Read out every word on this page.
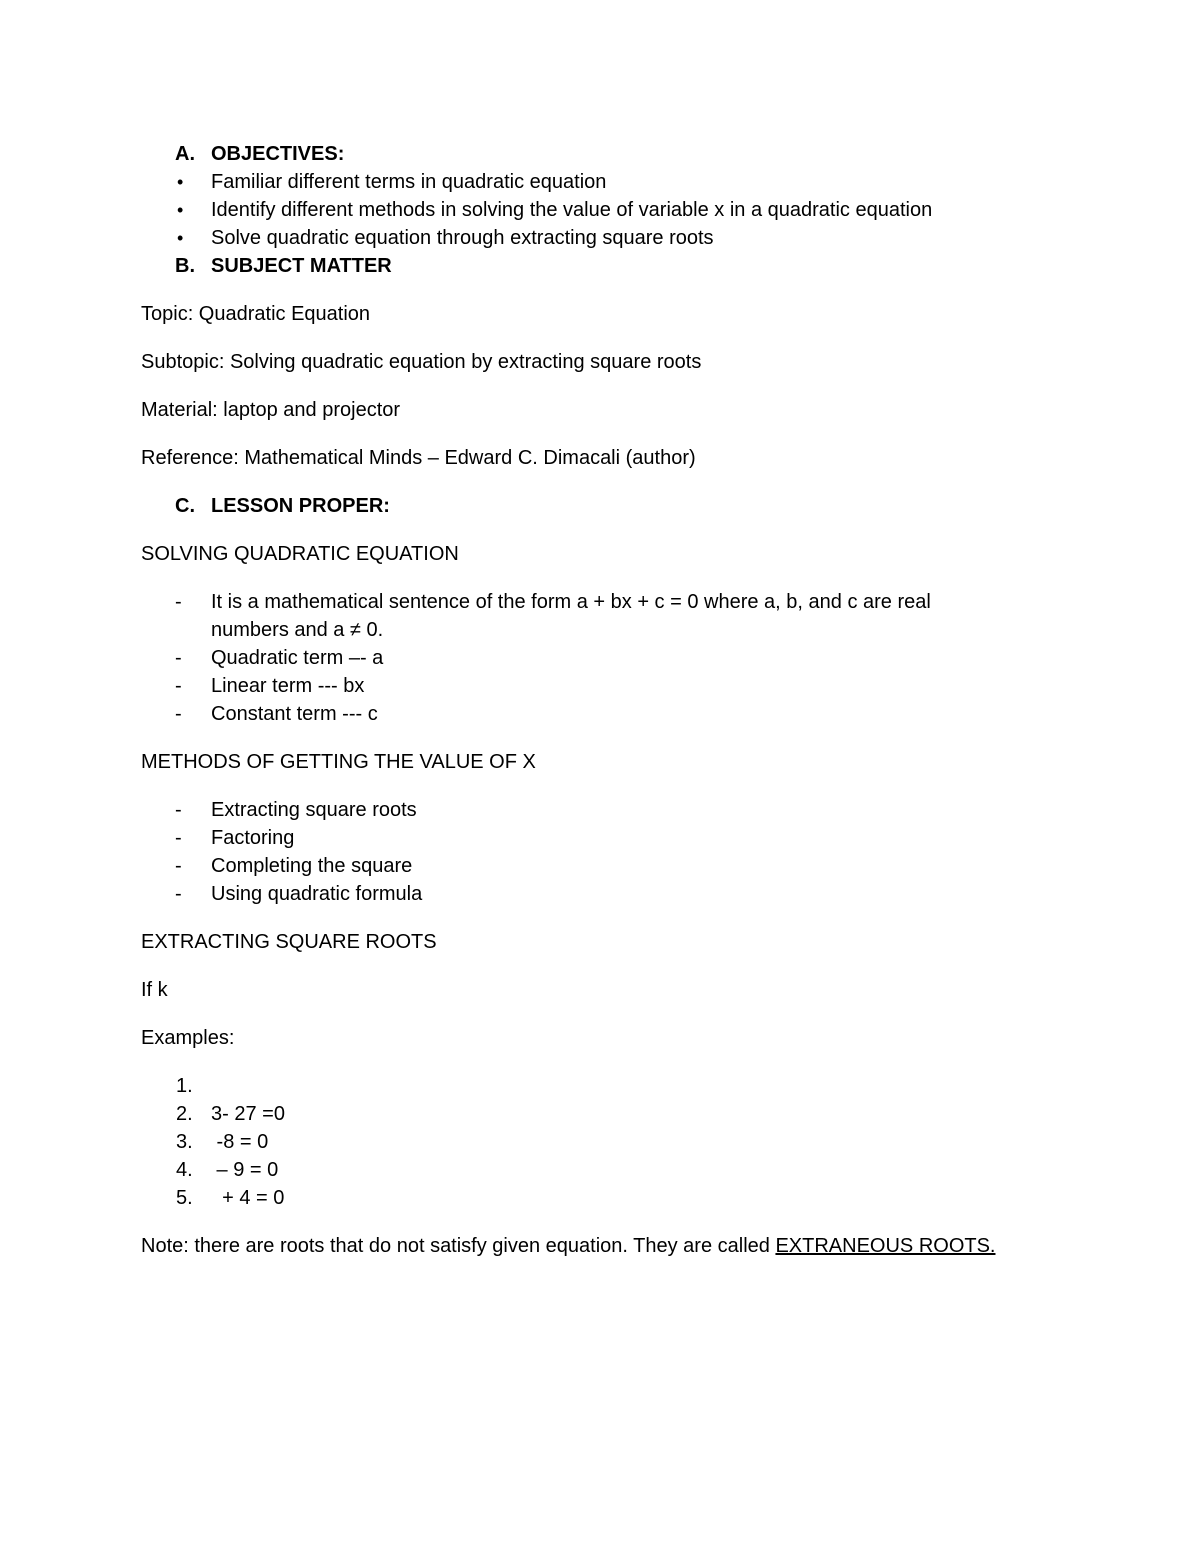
A. OBJECTIVES:
• Familiar different terms in quadratic equation
• Identify different methods in solving the value of variable x in a quadratic equation
• Solve quadratic equation through extracting square roots
B. SUBJECT MATTER

Topic: Quadratic Equation

Subtopic: Solving quadratic equation by extracting square roots

Material: laptop and projector

Reference: Mathematical Minds – Edward C. Dimacali (author)

C. LESSON PROPER:

SOLVING QUADRATIC EQUATION

- It is a mathematical sentence of the form a + bx + c = 0 where a, b, and c are real numbers and a ≠ 0.
- Quadratic term –- a
- Linear term --- bx
- Constant term --- c

METHODS OF GETTING THE VALUE OF X

- Extracting square roots
- Factoring
- Completing the square
- Using quadratic formula

EXTRACTING SQUARE ROOTS

If k

Examples:

1.
2. 3- 27 =0
3. -8 = 0
4. – 9 = 0
5. + 4 = 0

Note: there are roots that do not satisfy given equation. They are called EXTRANEOUS ROOTS.
